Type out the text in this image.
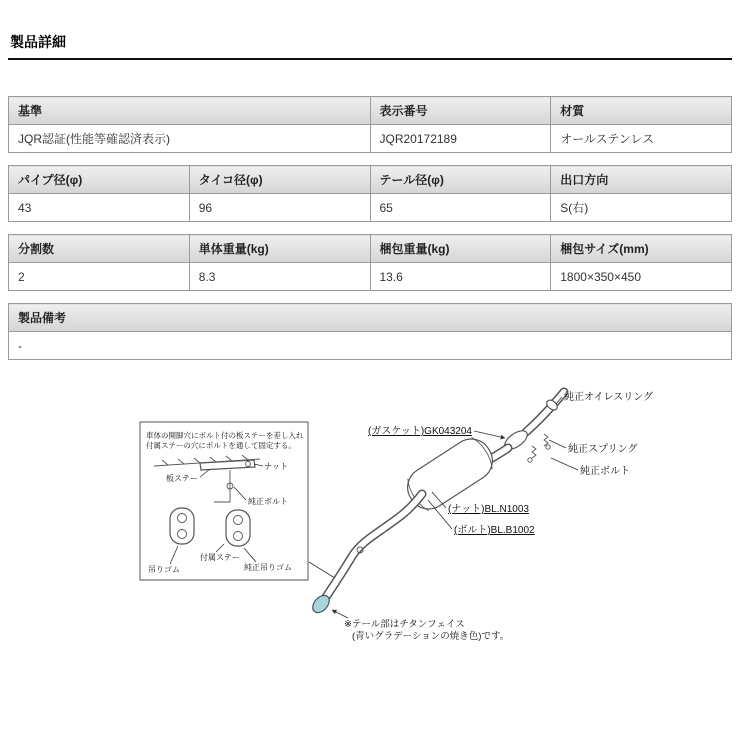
製品詳細
基準	表示番号	材質
JQR認証(性能等確認済表示)	JQR20172189	オールステンレス
パイプ径(φ)	タイコ径(φ)	テール径(φ)	出口方向
43	96	65	S(右)
分割数	単体重量(kg)	梱包重量(kg)	梱包サイズ(mm)
2	8.3	13.6	1800×350×450
製品備考
-
車体の開脚穴にボルト付の板ステーを差し入れ
付属ステーの穴にボルトを通して固定する。
板ステー
ナット
純正ボルト
付属ステー
吊りゴム	純正吊りゴム
(ガスケット)GK043204
純正オイレスリング
純正スプリング
純正ボルト
(ナット)BL.N1003
(ボルト)BL.B1002
※テール部はチタンフェイス
(青いグラデーションの焼き色)です。
